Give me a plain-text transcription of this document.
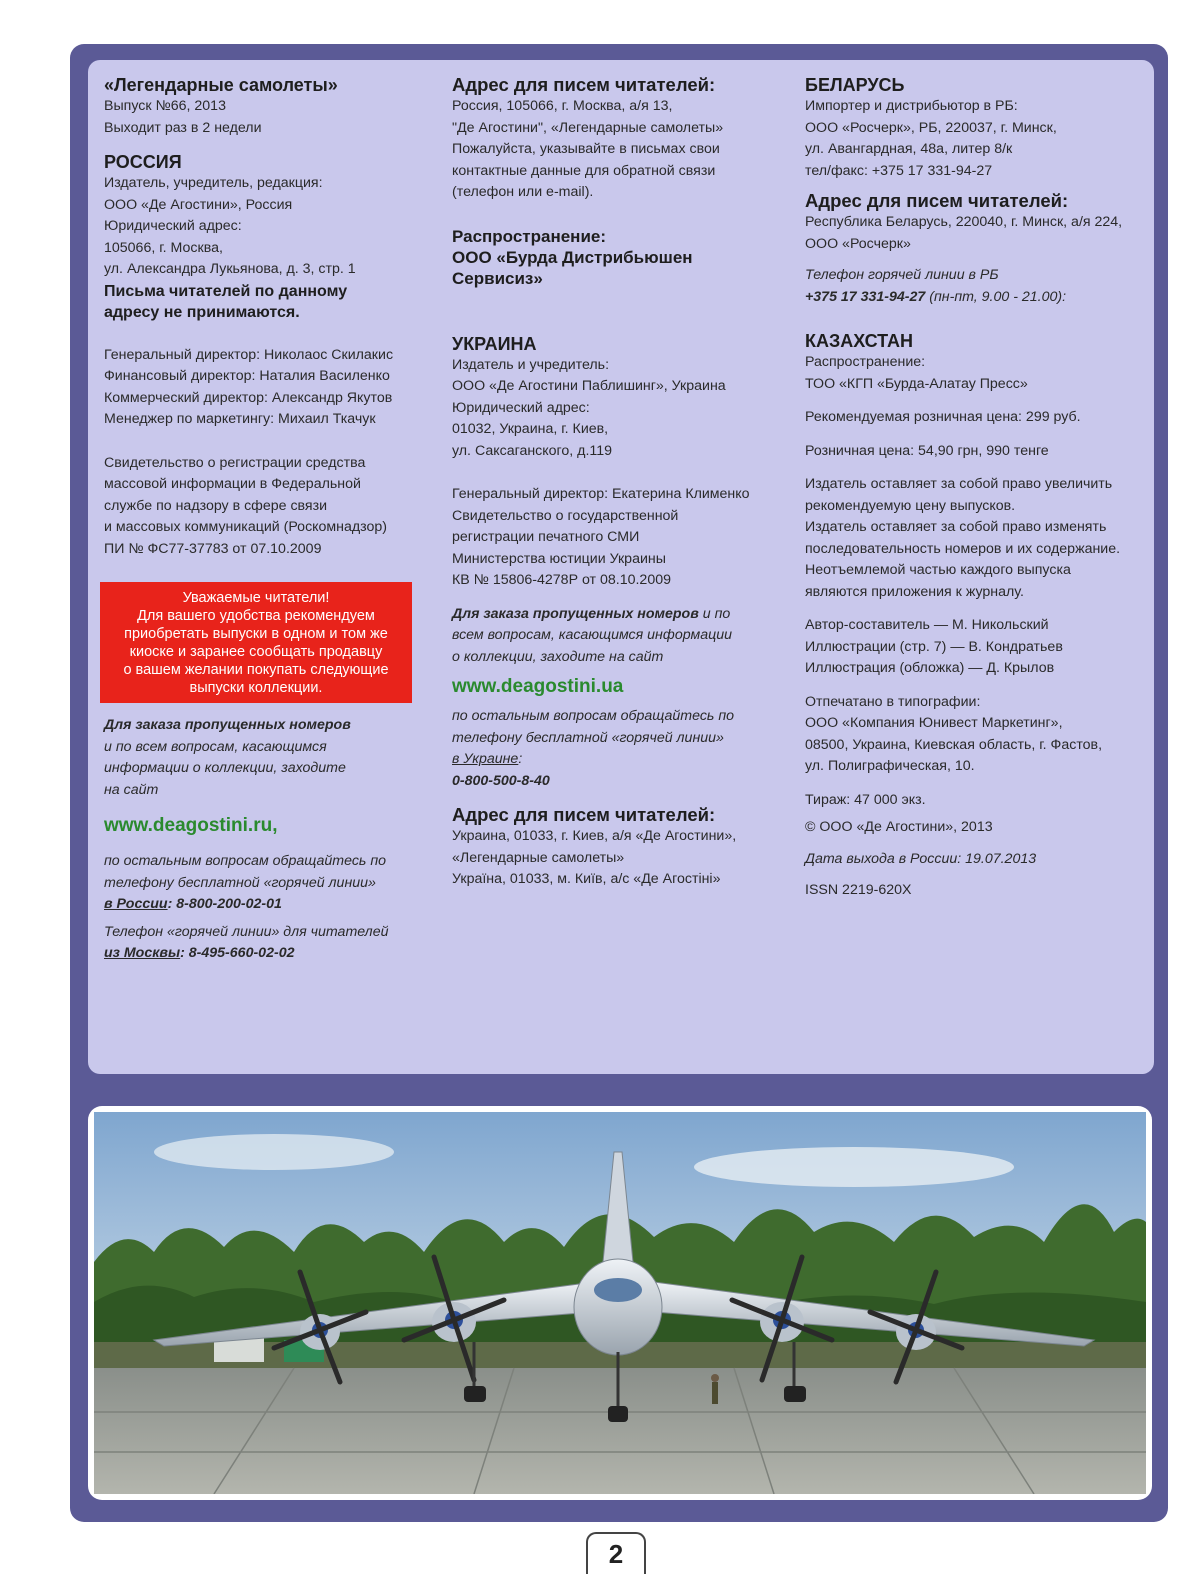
«Легендарные самолеты»
Выпуск №66, 2013
Выходит раз в 2 недели
РОССИЯ
Издатель, учредитель, редакция:
ООО «Де Агостини», Россия
Юридический адрес:
105066, г. Москва,
ул. Александра Лукьянова, д. 3, стр. 1
Письма читателей по данному
адресу не принимаются.
Генеральный директор: Николаос Скилакис
Финансовый директор: Наталия Василенко
Коммерческий директор: Александр Якутов
Менеджер по маркетингу: Михаил Ткачук
Свидетельство о регистрации средства
массовой информации в Федеральной
службе по надзору в сфере связи
и массовых коммуникаций (Роскомнадзор)
ПИ № ФС77-37783 от 07.10.2009
Уважаемые читатели!
Для вашего удобства рекомендуем
приобретать выпуски в одном и том же
киоске и заранее сообщать продавцу
о вашем желании покупать следующие
выпуски коллекции.
Для заказа пропущенных номеров
и по всем вопросам, касающимся
информации о коллекции, заходите
на сайт
www.deagostini.ru,
по остальным вопросам обращайтесь по
телефону бесплатной «горячей линии»
в России: 8-800-200-02-01
Телефон «горячей линии» для читателей
из Москвы: 8-495-660-02-02
Адрес для писем читателей:
Россия, 105066, г. Москва, а/я 13,
"Де Агостини", «Легендарные самолеты»
Пожалуйста, указывайте в письмах свои
контактные данные для обратной связи
(телефон или e-mail).
Распространение:
ООО «Бурда Дистрибьюшен
Сервисиз»
УКРАИНА
Издатель и учредитель:
ООО «Де Агостини Паблишинг», Украина
Юридический адрес:
01032, Украина, г. Киев,
ул. Саксаганского, д.119
Генеральный директор: Екатерина Клименко
Свидетельство о государственной
регистрации печатного СМИ
Министерства юстиции Украины
КВ № 15806-4278Р от 08.10.2009
Для заказа пропущенных номеров и по
всем вопросам, касающимся информации
о коллекции, заходите на сайт
www.deagostini.ua
по остальным вопросам обращайтесь по
телефону бесплатной «горячей линии»
в Украине:
0-800-500-8-40
Адрес для писем читателей:
Украина, 01033, г. Киев, а/я «Де Агостини»,
«Легендарные самолеты»
Україна, 01033, м. Київ, а/с «Де Агостіні»
БЕЛАРУСЬ
Импортер и дистрибьютор в РБ:
ООО «Росчерк», РБ, 220037, г. Минск,
ул. Авангардная, 48а, литер 8/к
тел/факс: +375 17 331-94-27
Адрес для писем читателей:
Республика Беларусь, 220040, г. Минск, а/я 224,
ООО «Росчерк»
Телефон горячей линии в РБ
+375 17 331-94-27 (пн-пт, 9.00 - 21.00):
КАЗАХСТАН
Распространение:
ТОО «КГП «Бурда-Алатау Пресс»
Рекомендуемая розничная цена: 299 руб.
Розничная цена: 54,90 грн, 990 тенге
Издатель оставляет за собой право увеличить
рекомендуемую цену выпусков.
Издатель оставляет за собой право изменять
последовательность номеров и их содержание.
Неотъемлемой частью каждого выпуска
являются приложения к журналу.
Автор-составитель — М. Никольский
Иллюстрации (стр. 7) — В. Кондратьев
Иллюстрация (обложка) — Д. Крылов
Отпечатано в типографии:
ООО «Компания Юнивест Маркетинг»,
08500, Украина, Киевская область, г. Фастов,
ул. Полиграфическая, 10.
Тираж: 47 000 экз.
© ООО «Де Агостини», 2013
Дата выхода в России: 19.07.2013
ISSN 2219-620X
2
